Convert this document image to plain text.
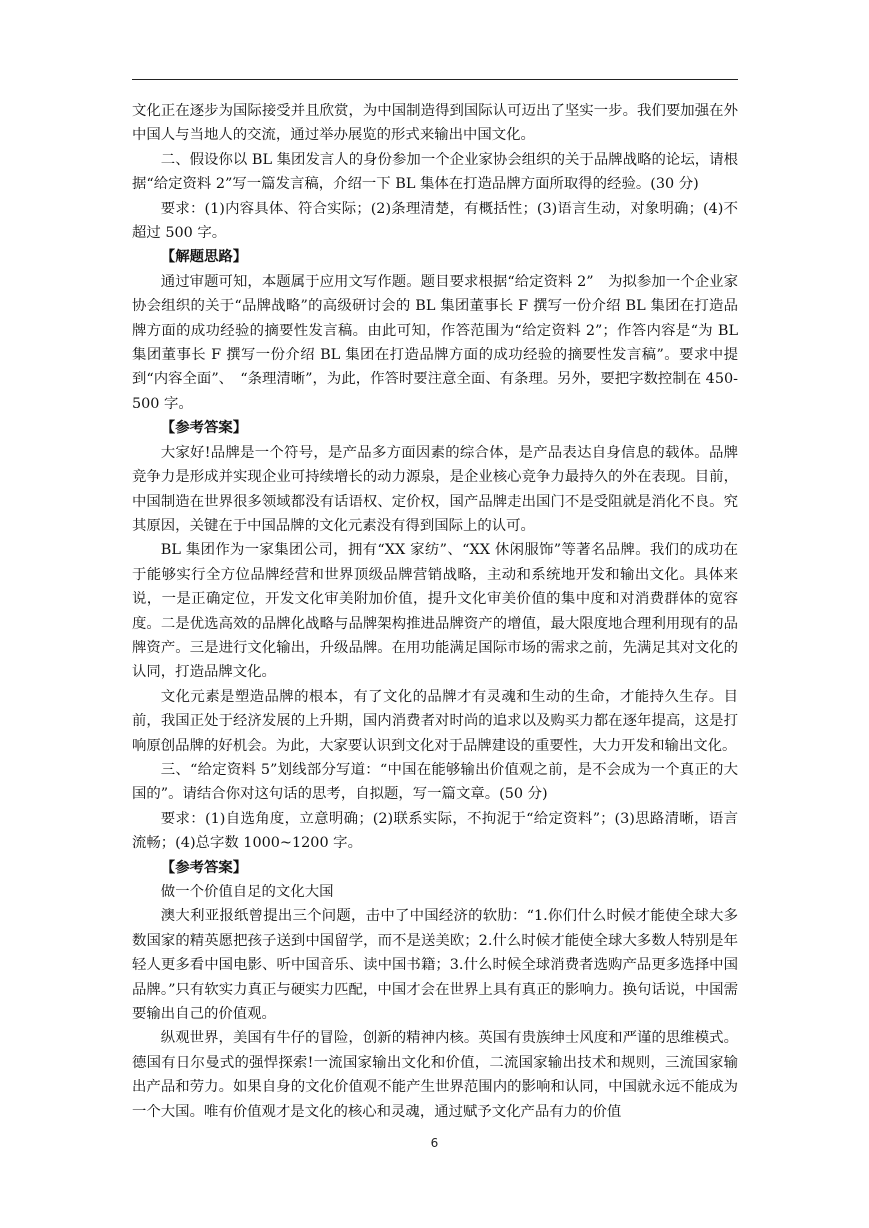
文化正在逐步为国际接受并且欣赏，为中国制造得到国际认可迈出了坚实一步。我们要加强在外中国人与当地人的交流，通过举办展览的形式来输出中国文化。

二、假设你以 BL 集团发言人的身份参加一个企业家协会组织的关于品牌战略的论坛，请根据“给定资料 2”写一篇发言稿，介绍一下 BL 集体在打造品牌方面所取得的经验。(30 分)

要求：(1)内容具体、符合实际；(2)条理清楚，有概括性；(3)语言生动，对象明确；(4)不超过 500 字。

【解题思路】

通过审题可知，本题属于应用文写作题。题目要求根据“给定资料 2”　为拟参加一个企业家协会组织的关于“品牌战略”的高级研讨会的 BL 集团董事长 F 撰写一份介绍 BL 集团在打造品牌方面的成功经验的摘要性发言稿。由此可知，作答范围为“给定资料 2”；作答内容是“为 BL 集团董事长 F 撰写一份介绍 BL 集团在打造品牌方面的成功经验的摘要性发言稿”。要求中提到“内容全面”、　“条理清晰”，为此，作答时要注意全面、有条理。另外，要把字数控制在 450-500 字。

【参考答案】

大家好!品牌是一个符号，是产品多方面因素的综合体，是产品表达自身信息的载体。品牌竞争力是形成并实现企业可持续增长的动力源泉，是企业核心竞争力最持久的外在表现。目前，中国制造在世界很多领域都没有话语权、定价权，国产品牌走出国门不是受阻就是消化不良。究其原因，关键在于中国品牌的文化元素没有得到国际上的认可。

BL 集团作为一家集团公司，拥有“XX 家纺”、“XX 休闲服饰”等著名品牌。我们的成功在于能够实行全方位品牌经营和世界顶级品牌营销战略，主动和系统地开发和输出文化。具体来说，一是正确定位，开发文化审美附加价值，提升文化审美价值的集中度和对消费群体的宽容度。二是优选高效的品牌化战略与品牌架构推进品牌资产的增值，最大限度地合理利用现有的品牌资产。三是进行文化输出，升级品牌。在用功能满足国际市场的需求之前，先满足其对文化的认同，打造品牌文化。

文化元素是塑造品牌的根本，有了文化的品牌才有灵魂和生动的生命，才能持久生存。目前，我国正处于经济发展的上升期，国内消费者对时尚的追求以及购买力都在逐年提高，这是打响原创品牌的好机会。为此，大家要认识到文化对于品牌建设的重要性，大力开发和输出文化。

三、“给定资料 5”划线部分写道：“中国在能够输出价值观之前，是不会成为一个真正的大国的”。请结合你对这句话的思考，自拟题，写一篇文章。(50 分)

要求：(1)自选角度，立意明确；(2)联系实际，不拘泥于“给定资料”；(3)思路清晰，语言流畅；(4)总字数 1000~1200 字。

【参考答案】

做一个价值自足的文化大国

澳大利亚报纸曾提出三个问题，击中了中国经济的软肋：“1.你们什么时候才能使全球大多数国家的精英愿把孩子送到中国留学，而不是送美欧；2.什么时候才能使全球大多数人特别是年轻人更多看中国电影、听中国音乐、读中国书籍；3.什么时候全球消费者选购产品更多选择中国品牌。”只有软实力真正与硬实力匹配，中国才会在世界上具有真正的影响力。换句话说，中国需要输出自己的价值观。

纵观世界，美国有牛仔的冒险，创新的精神内核。英国有贵族绅士风度和严谨的思维模式。德国有日尔曼式的强悍探索!一流国家输出文化和价值，二流国家输出技术和规则，三流国家输出产品和劳力。如果自身的文化价值观不能产生世界范围内的影响和认同，中国就永远不能成为一个大国。唯有价值观才是文化的核心和灵魂，通过赋予文化产品有力的价值

6
